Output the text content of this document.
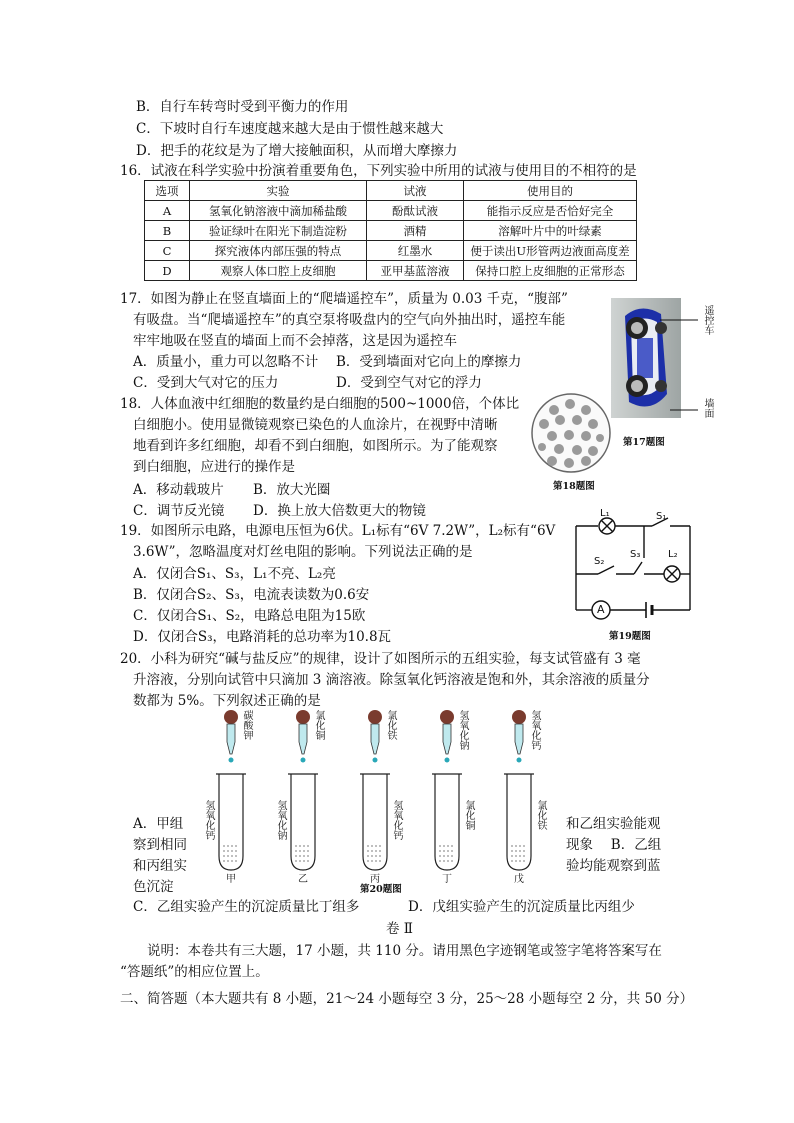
B．自行车转弯时受到平衡力的作用
C．下坡时自行车速度越来越大是由于惯性越来越大
D．把手的花纹是为了增大接触面积，从而增大摩擦力
16．试液在科学实验中扮演着重要角色，下列实验中所用的试液与使用目的不相符的是
选项	实验	试液	使用目的
A	氢氧化钠溶液中滴加稀盐酸	酚酞试液	能指示反应是否恰好完全
B	验证绿叶在阳光下制造淀粉	酒精	溶解叶片中的叶绿素
C	探究液体内部压强的特点	红墨水	便于读出U形管两边液面高度差
D	观察人体口腔上皮细胞	亚甲基蓝溶液	保持口腔上皮细胞的正常形态
17．如图为静止在竖直墙面上的“爬墙遥控车”，质量为 0.03 千克，“腹部”
有吸盘。当“爬墙遥控车”的真空泵将吸盘内的空气向外抽出时，遥控车能
牢牢地吸在竖直的墙面上而不会掉落，这是因为遥控车
A．质量小，重力可以忽略不计 B．受到墙面对它向上的摩擦力
C．受到大气对它的压力	D．受到空气对它的浮力
遥控车
墙面
第17题图
18．人体血液中红细胞的数量约是白细胞的500~1000倍，个体比
白细胞小。使用显微镜观察已染色的人血涂片，在视野中清晰
地看到许多红细胞，却看不到白细胞，如图所示。为了能观察
到白细胞，应进行的操作是
A．移动载玻片 B．放大光圈
C．调节反光镜 D．换上放大倍数更大的物镜
第18题图
19．如图所示电路，电源电压恒为6伏。L₁标有“6V 7.2W”，L₂标有“6V
3.6W”，忽略温度对灯丝电阻的影响。下列说法正确的是
A．仅闭合S₁、S₃，L₁不亮、L₂亮
B．仅闭合S₂、S₃，电流表读数为0.6安
C．仅闭合S₁、S₂，电路总电阻为15欧
D．仅闭合S₃，电路消耗的总功率为10.8瓦
L₁	S₁
S₂
S₃	L₂
A
第19题图
20．小科为研究“碱与盐反应”的规律，设计了如图所示的五组实验，每支试管盛有 3 毫
升溶液，分别向试管中只滴加 3 滴溶液。除氢氧化钙溶液是饱和外，其余溶液的质量分
数都为 5%。下列叙述正确的是
A．甲组
察到相同
和丙组实
色沉淀
和乙组实验能观
现象　 B．乙组
验均能观察到蓝
碳酸钾
氢氧化钙
甲
氯化铜
氢氧化钠
乙
氯化铁
氢氧化钙
丙
氢氧化钠
氯化铜
丁
氢氧化钙
氯化铁
戊
第20题图
C．乙组实验产生的沉淀质量比丁组多	D．戊组实验产生的沉淀质量比丙组少
卷 Ⅱ
说明：本卷共有三大题，17 小题，共 110 分。请用黑色字迹钢笔或签字笔将答案写在
“答题纸”的相应位置上。
二、简答题（本大题共有 8 小题，21～24 小题每空 3 分，25～28 小题每空 2 分，共 50 分）
